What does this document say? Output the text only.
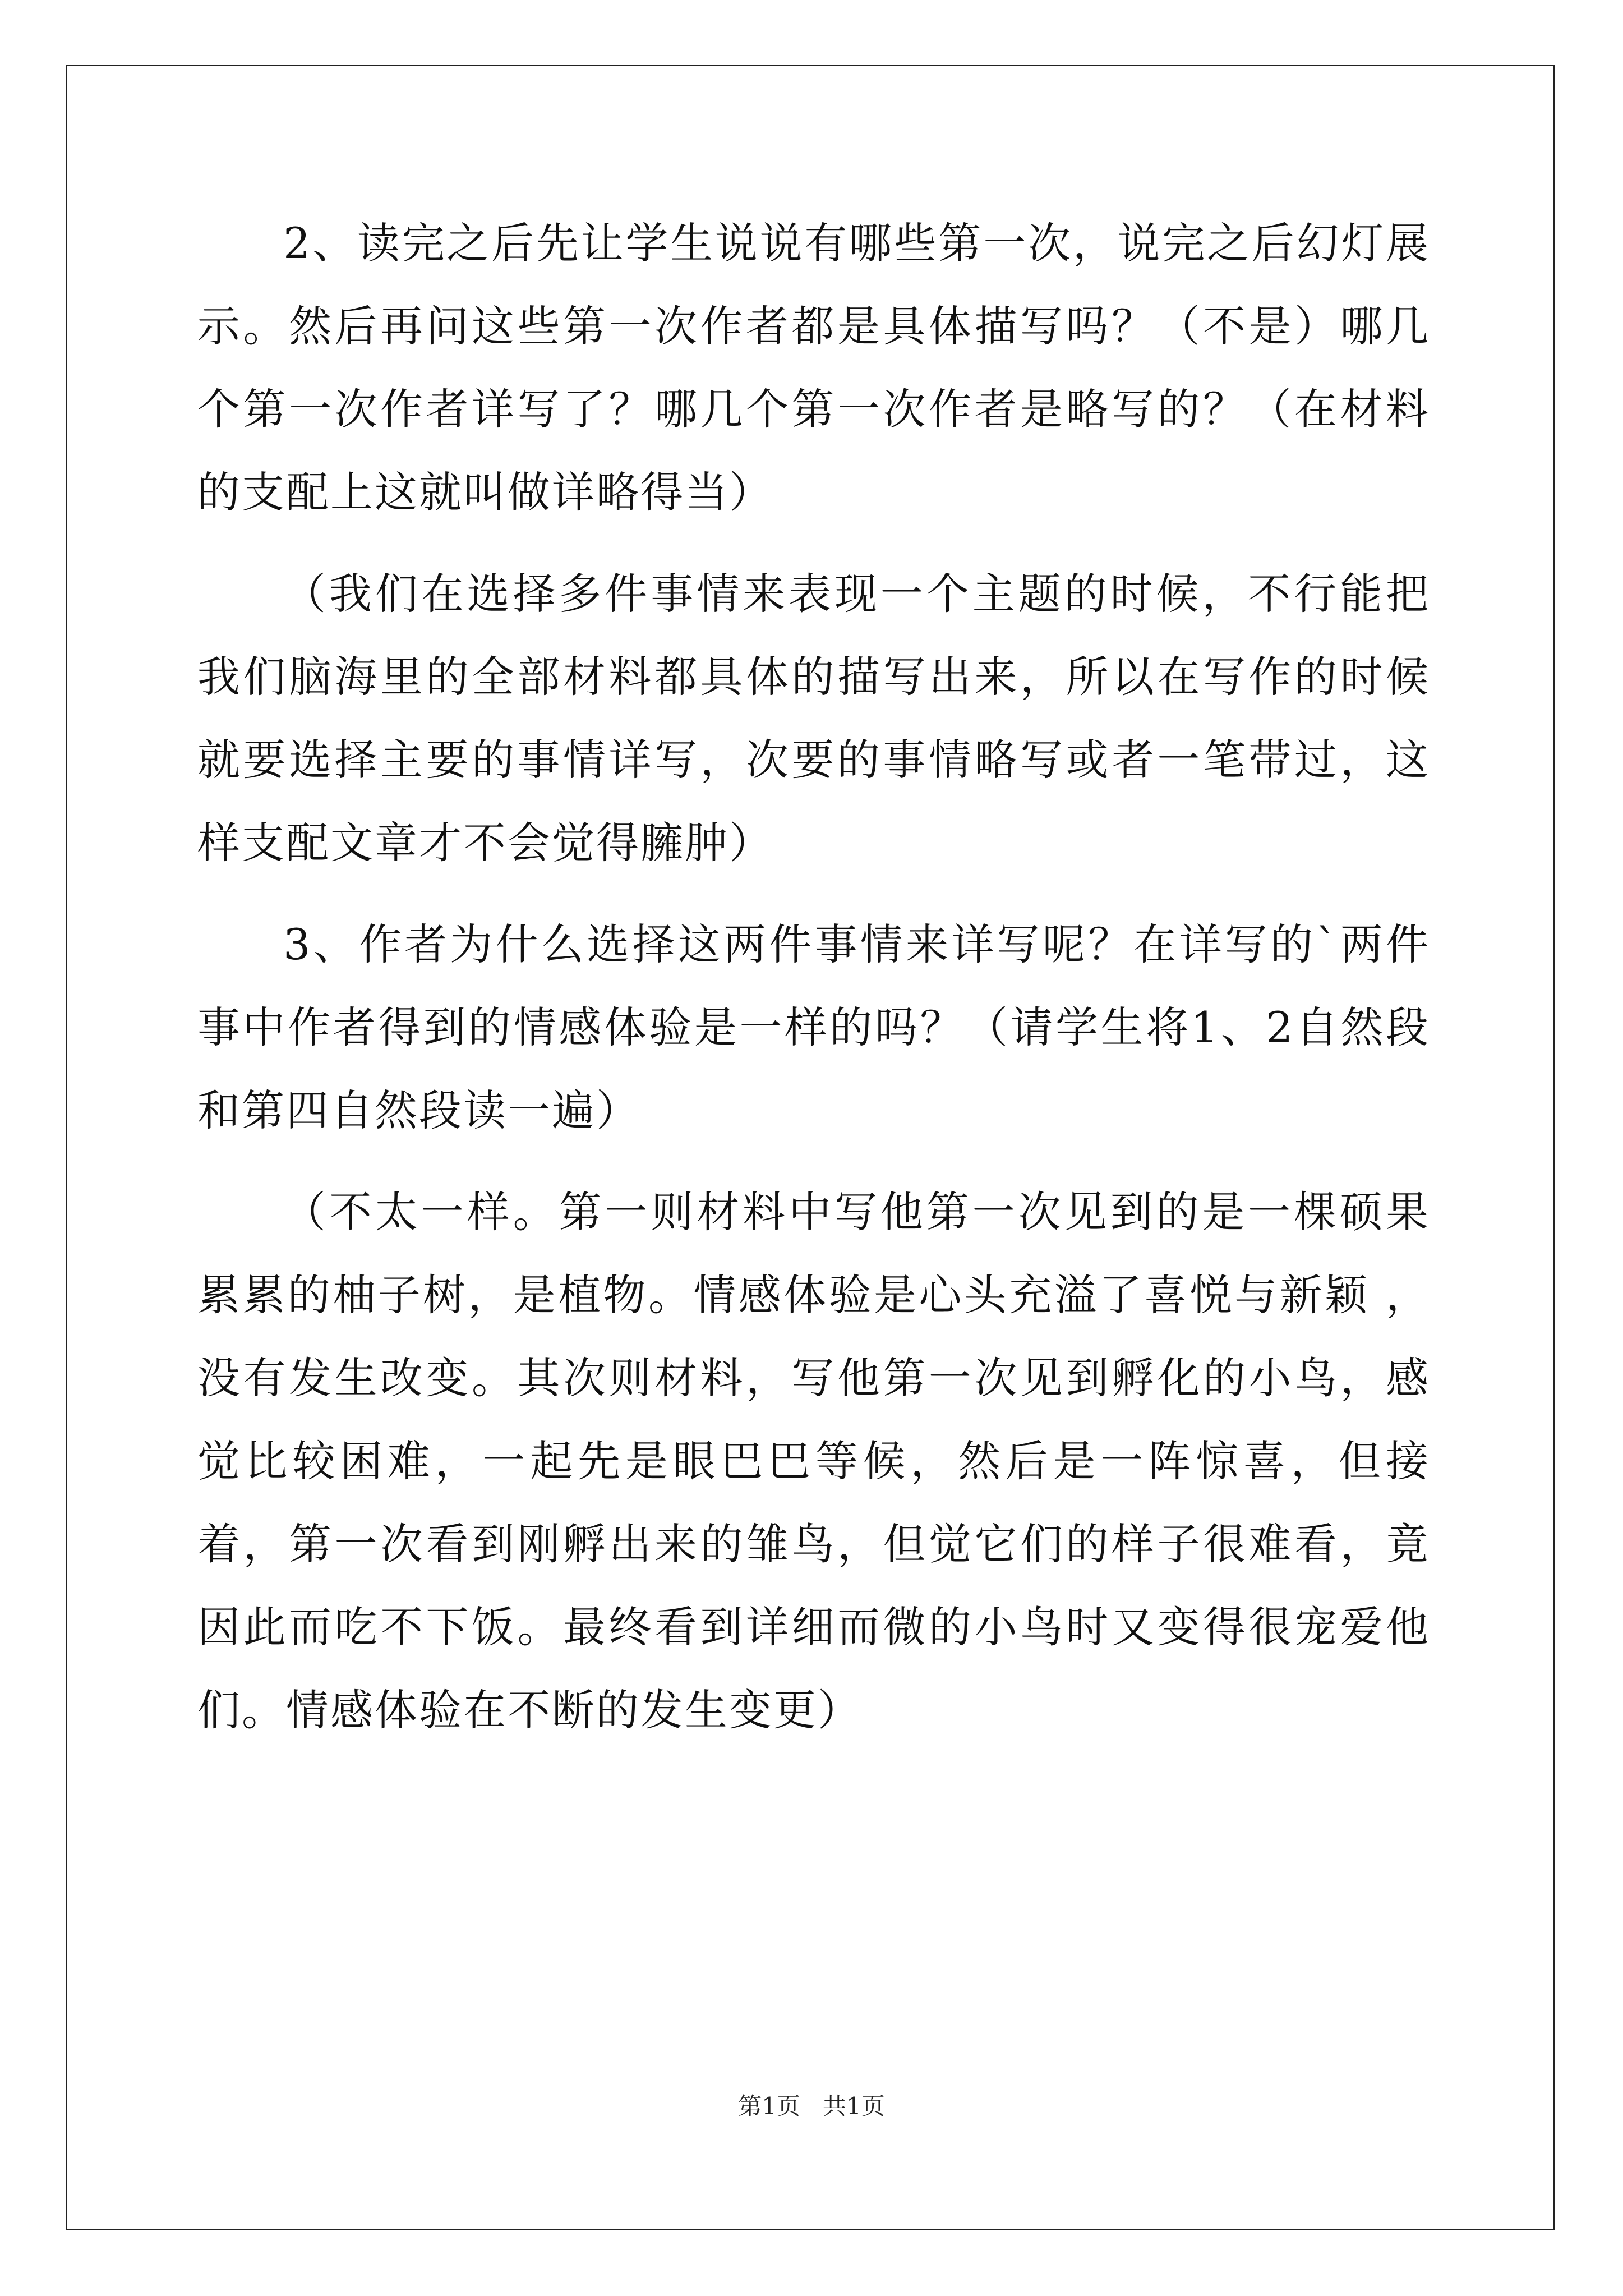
2、读完之后先让学生说说有哪些第一次，说完之后幻灯展示。然后再问这些第一次作者都是具体描写吗？（不是）哪几个第一次作者详写了？哪几个第一次作者是略写的？（在材料的支配上这就叫做详略得当）

（我们在选择多件事情来表现一个主题的时候，不行能把我们脑海里的全部材料都具体的描写出来，所以在写作的时候就要选择主要的事情详写，次要的事情略写或者一笔带过，这样支配文章才不会觉得臃肿）

3、作者为什么选择这两件事情来详写呢？在详写的`两件事中作者得到的情感体验是一样的吗？（请学生将1、2自然段和第四自然段读一遍）

（不太一样。第一则材料中写他第一次见到的是一棵硕果累累的柚子树，是植物。情感体验是心头充溢了喜悦与新颖 ，没有发生改变。其次则材料，写他第一次见到孵化的小鸟，感觉比较困难，一起先是眼巴巴等候，然后是一阵惊喜，但接着，第一次看到刚孵出来的雏鸟，但觉它们的样子很难看，竟因此而吃不下饭。最终看到详细而微的小鸟时又变得很宠爱他们。情感体验在不断的发生变更）

第1页   共1页
